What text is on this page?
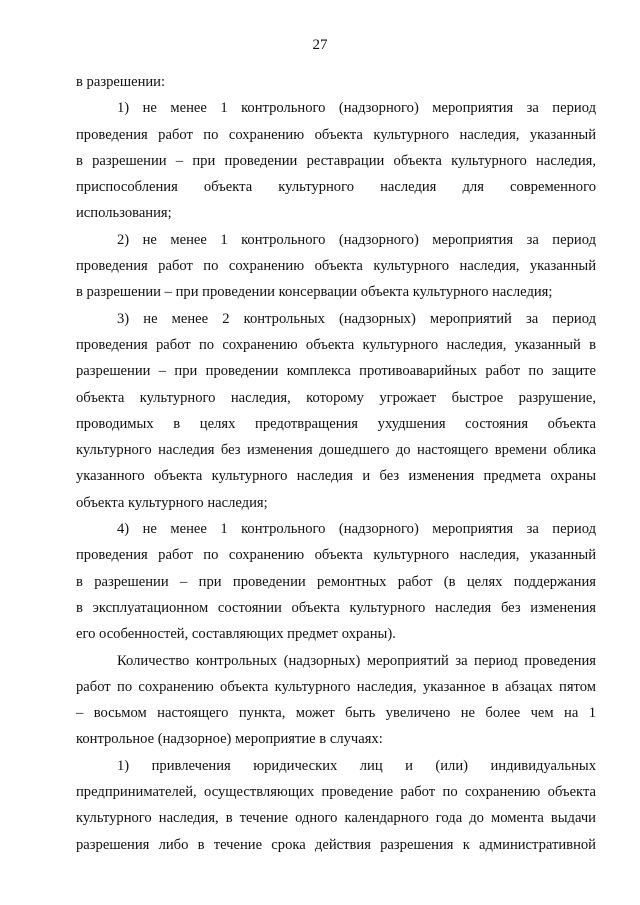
27
в разрешении:
1) не менее 1 контрольного (надзорного) мероприятия за период
проведения работ по сохранению объекта культурного наследия, указанный
в разрешении – при проведении реставрации объекта культурного наследия,
приспособления объекта культурного наследия для современного
использования;
2) не менее 1 контрольного (надзорного) мероприятия за период
проведения работ по сохранению объекта культурного наследия, указанный
в разрешении – при проведении консервации объекта культурного наследия;
3) не менее 2 контрольных (надзорных) мероприятий за период
проведения работ по сохранению объекта культурного наследия, указанный в
разрешении – при проведении комплекса противоаварийных работ по защите
объекта культурного наследия, которому угрожает быстрое разрушение,
проводимых в целях предотвращения ухудшения состояния объекта
культурного наследия без изменения дошедшего до настоящего времени облика
указанного объекта культурного наследия и без изменения предмета охраны
объекта культурного наследия;
4) не менее 1 контрольного (надзорного) мероприятия за период
проведения работ по сохранению объекта культурного наследия, указанный
в разрешении – при проведении ремонтных работ (в целях поддержания
в эксплуатационном состоянии объекта культурного наследия без изменения
его особенностей, составляющих предмет охраны).
Количество контрольных (надзорных) мероприятий за период проведения
работ по сохранению объекта культурного наследия, указанное в абзацах пятом
– восьмом настоящего пункта, может быть увеличено не более чем на 1
контрольное (надзорное) мероприятие в случаях:
1) привлечения юридических лиц и (или) индивидуальных
предпринимателей, осуществляющих проведение работ по сохранению объекта
культурного наследия, в течение одного календарного года до момента выдачи
разрешения либо в течение срока действия разрешения к административной
